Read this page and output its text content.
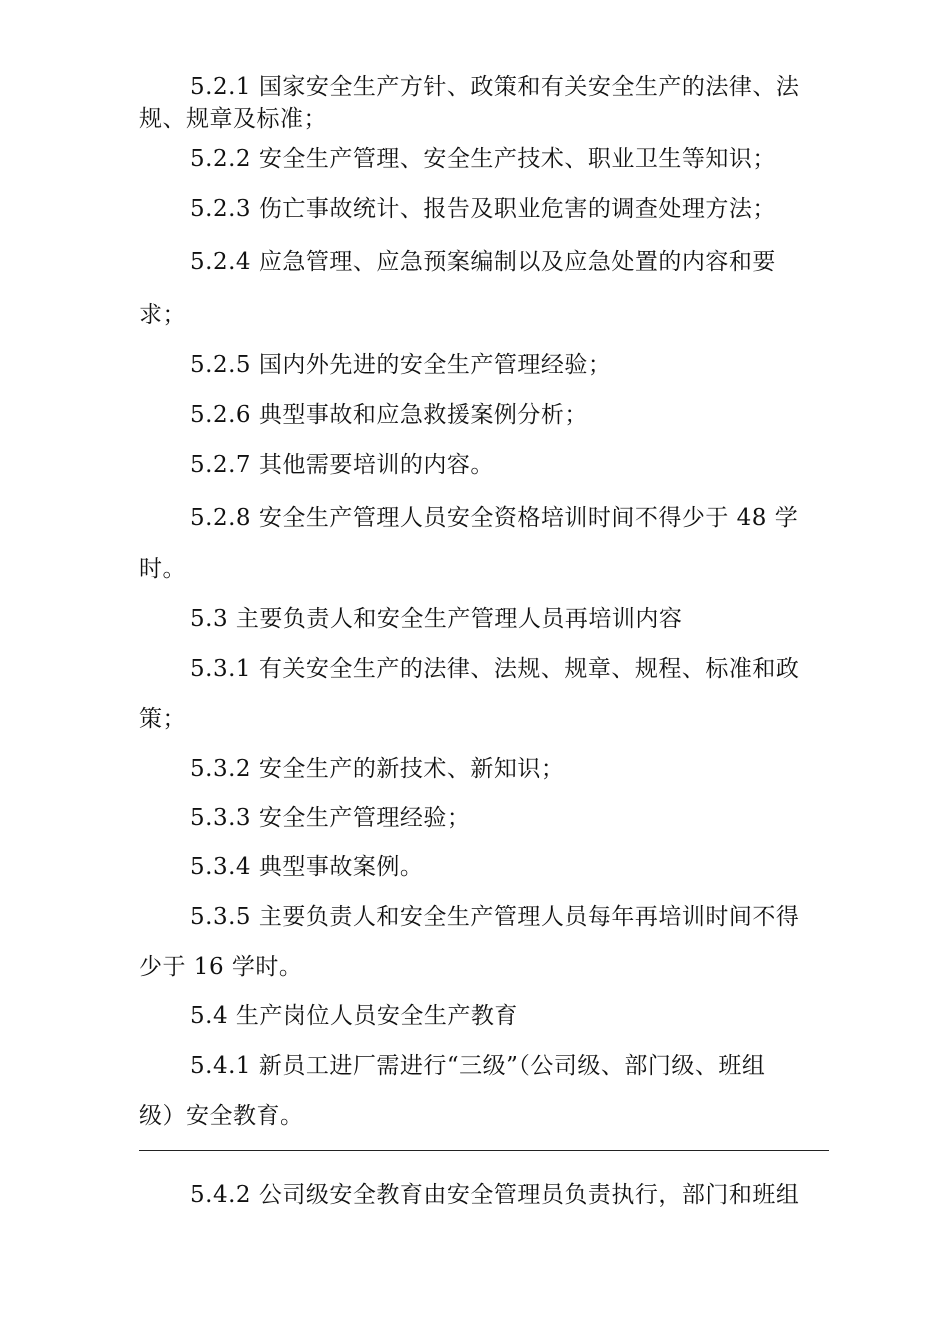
5.2.1 国家安全生产方针、政策和有关安全生产的法律、法
规、规章及标准；
5.2.2 安全生产管理、安全生产技术、职业卫生等知识；
5.2.3 伤亡事故统计、报告及职业危害的调查处理方法；
5.2.4 应急管理、应急预案编制以及应急处置的内容和要
求；
5.2.5 国内外先进的安全生产管理经验；
5.2.6 典型事故和应急救援案例分析；
5.2.7 其他需要培训的内容。
5.2.8 安全生产管理人员安全资格培训时间不得少于 48 学
时。
5.3 主要负责人和安全生产管理人员再培训内容
5.3.1 有关安全生产的法律、法规、规章、规程、标准和政
策；
5.3.2 安全生产的新技术、新知识；
5.3.3 安全生产管理经验；
5.3.4 典型事故案例。
5.3.5 主要负责人和安全生产管理人员每年再培训时间不得
少于 16 学时。
5.4 生产岗位人员安全生产教育
5.4.1 新员工进厂需进行“三级”（公司级、部门级、班组
级）安全教育。
5.4.2 公司级安全教育由安全管理员负责执行，部门和班组
